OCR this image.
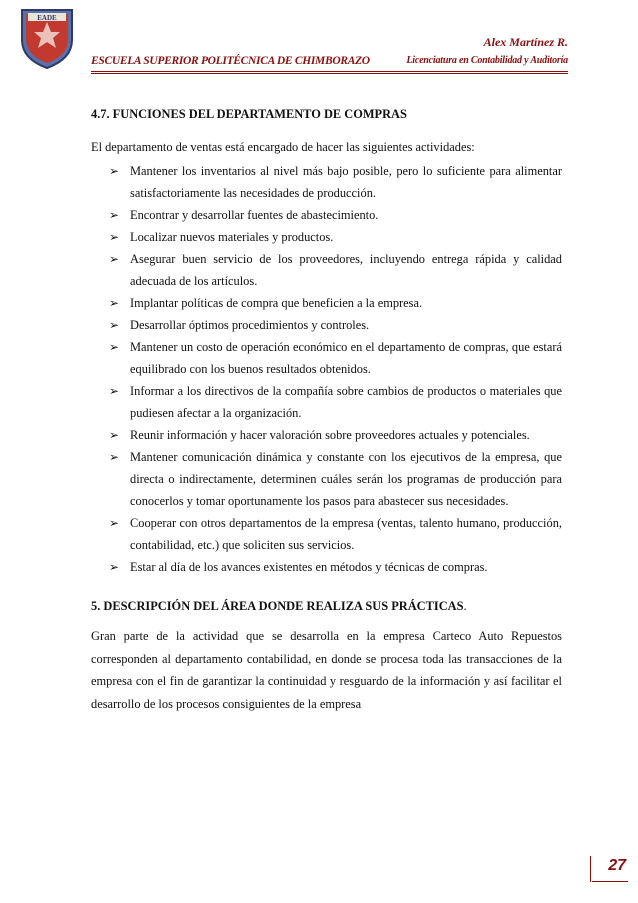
EADE
Alex Martínez R.
ESCUELA SUPERIOR POLITÉCNICA DE CHIMBORAZO	Licenciatura en Contabilidad y Auditoría

4.7. FUNCIONES DEL DEPARTAMENTO DE COMPRAS

El departamento de ventas está encargado de hacer las siguientes actividades:

➢ Mantener los inventarios al nivel más bajo posible, pero lo suficiente para alimentar satisfactoriamente las necesidades de producción.
➢ Encontrar y desarrollar fuentes de abastecimiento.
➢ Localizar nuevos materiales y productos.
➢ Asegurar buen servicio de los proveedores, incluyendo entrega rápida y calidad adecuada de los artículos.
➢ Implantar políticas de compra que beneficien a la empresa.
➢ Desarrollar óptimos procedimientos y controles.
➢ Mantener un costo de operación económico en el departamento de compras, que estará equilibrado con los buenos resultados obtenidos.
➢ Informar a los directivos de la compañía sobre cambios de productos o materiales que pudiesen afectar a la organización.
➢ Reunir información y hacer valoración sobre proveedores actuales y potenciales.
➢ Mantener comunicación dinámica y constante con los ejecutivos de la empresa, que directa o indirectamente, determinen cuáles serán los programas de producción para conocerlos y tomar oportunamente los pasos para abastecer sus necesidades.
➢ Cooperar con otros departamentos de la empresa (ventas, talento humano, producción, contabilidad, etc.) que soliciten sus servicios.
➢ Estar al día de los avances existentes en métodos y técnicas de compras.

5. DESCRIPCIÓN DEL ÁREA DONDE REALIZA SUS PRÁCTICAS.

Gran parte de la actividad que se desarrolla en la empresa Carteco Auto Repuestos corresponden al departamento contabilidad, en donde se procesa toda las transacciones de la empresa con el fin de garantizar la continuidad y resguardo de la información y así facilitar el desarrollo de los procesos consiguientes de la empresa

27
